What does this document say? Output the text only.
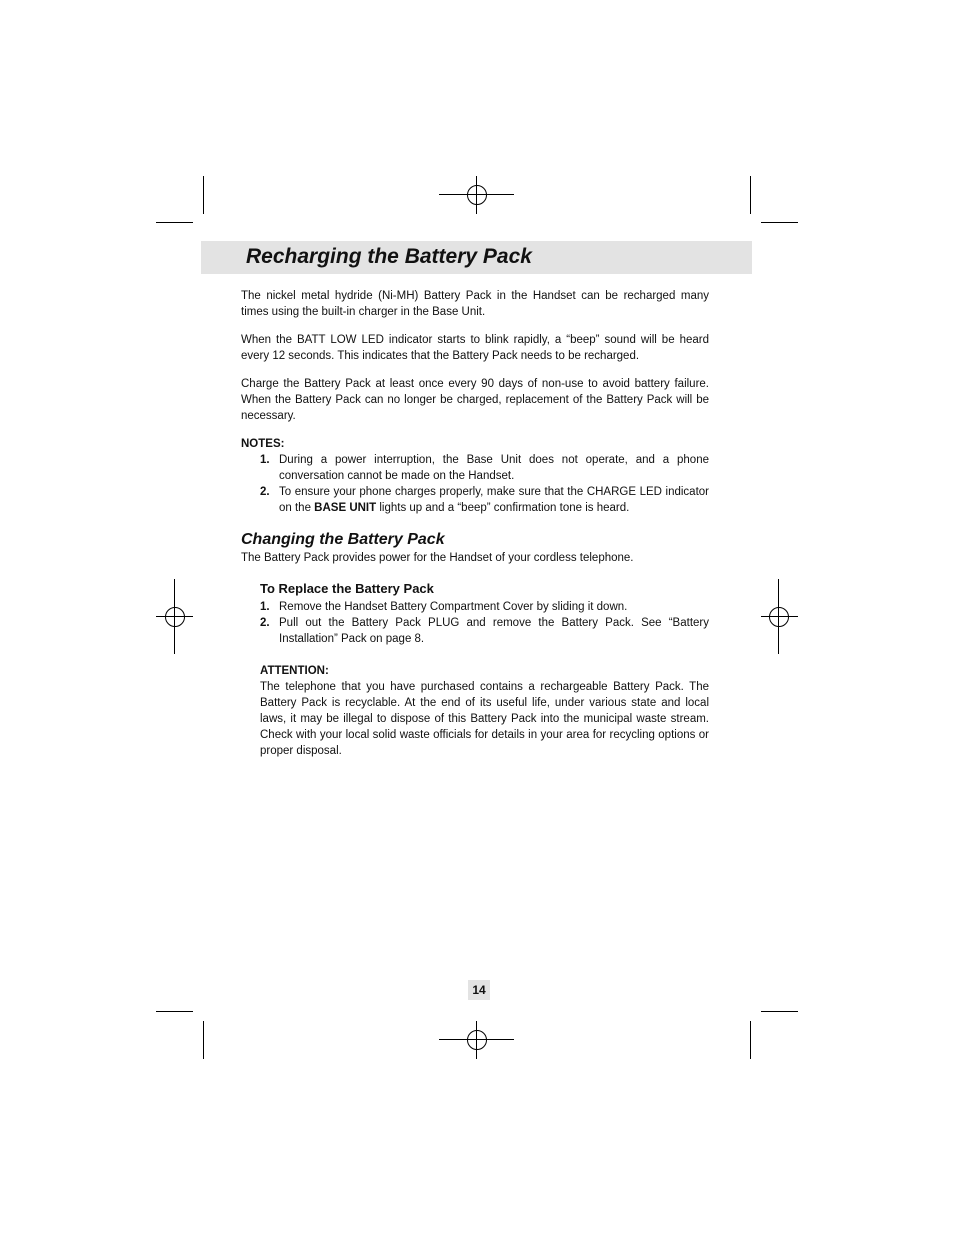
Recharging the Battery Pack

The nickel metal hydride (Ni-MH) Battery Pack in the Handset can be recharged many times using the built-in charger in the Base Unit.

When the BATT LOW LED indicator starts to blink rapidly, a “beep” sound will be heard every 12 seconds. This indicates that the Battery Pack needs to be recharged.

Charge the Battery Pack at least once every 90 days of non-use to avoid battery failure. When the Battery Pack can no longer be charged, replacement of the Battery Pack will be necessary.

NOTES:

1. During a power interruption, the Base Unit does not operate, and a phone conversation cannot be made on the Handset.
2. To ensure your phone charges properly, make sure that the CHARGE LED indicator on the BASE UNIT lights up and a “beep” confirmation tone is heard.
Changing the Battery Pack

The Battery Pack provides power for the Handset of your cordless telephone.

To Replace the Battery Pack
1. Remove the Handset Battery Compartment Cover by sliding it down.
2. Pull out the Battery Pack PLUG and remove the Battery Pack. See “Battery Installation” Pack on page 8.

ATTENTION:

The telephone that you have purchased contains a rechargeable Battery Pack. The Battery Pack is recyclable. At the end of its useful life, under various state and local laws, it may be illegal to dispose of this Battery Pack into the municipal waste stream. Check with your local solid waste officials for details in your area for recycling options or proper disposal.

14
